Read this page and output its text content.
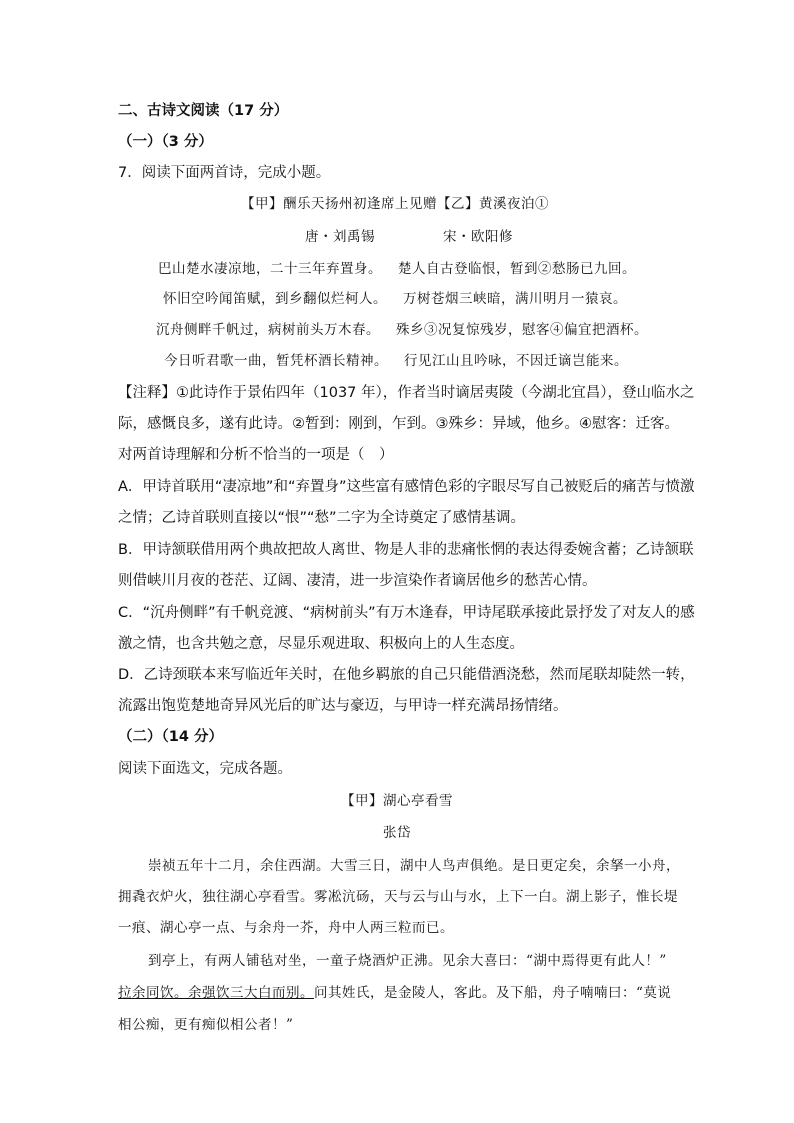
二、古诗文阅读（17 分）
（一）（3 分）
7．阅读下面两首诗，完成小题。
【甲】酬乐天扬州初逢席上见赠【乙】黄溪夜泊①
唐・刘禹锡	宋・欧阳修
巴山楚水凄凉地，二十三年弃置身。 楚人自古登临恨，暂到②愁肠已九回。
怀旧空吟闻笛赋，到乡翻似烂柯人。 万树苍烟三峡暗，满川明月一猿哀。
沉舟侧畔千帆过，病树前头万木春。 殊乡③况复惊残岁，慰客④偏宜把酒杯。
今日听君歌一曲，暂凭杯酒长精神。 行见江山且吟咏，不因迁谪岂能来。
【注释】①此诗作于景佑四年（1037 年），作者当时谪居夷陵（今湖北宜昌），登山临水之
际，感慨良多，遂有此诗。②暂到：刚到，乍到。③殊乡：异域，他乡。④慰客：迁客。
对两首诗理解和分析不恰当的一项是（　）
A．甲诗首联用“凄凉地”和“弃置身”这些富有感情色彩的字眼尽写自己被贬后的痛苦与愤激
之情；乙诗首联则直接以“恨”“愁”二字为全诗奠定了感情基调。
B．甲诗颔联借用两个典故把故人离世、物是人非的悲痛怅惘的表达得委婉含蓄；乙诗颔联
则借峡川月夜的苍茫、辽阔、凄清，进一步渲染作者谪居他乡的愁苦心情。
C．“沉舟侧畔”有千帆竞渡、“病树前头”有万木逢春，甲诗尾联承接此景抒发了对友人的感
激之情，也含共勉之意，尽显乐观进取、积极向上的人生态度。
D．乙诗颈联本来写临近年关时，在他乡羁旅的自己只能借酒浇愁，然而尾联却陡然一转，
流露出饱览楚地奇异风光后的旷达与豪迈，与甲诗一样充满昂扬情绪。
（二）（14 分）
阅读下面选文，完成各题。
【甲】湖心亭看雪
张岱
崇祯五年十二月，余住西湖。大雪三日，湖中人鸟声俱绝。是日更定矣，余拏一小舟，
拥毳衣炉火，独往湖心亭看雪。雾凇沆砀，天与云与山与水，上下一白。湖上影子，惟长堤
一痕、湖心亭一点、与余舟一芥，舟中人两三粒而已。
到亭上，有两人铺毡对坐，一童子烧酒炉正沸。见余大喜曰：“湖中焉得更有此人！”
拉余同饮。余强饮三大白而别。问其姓氏，是金陵人，客此。及下船，舟子喃喃曰：“莫说
相公痴，更有痴似相公者！”
